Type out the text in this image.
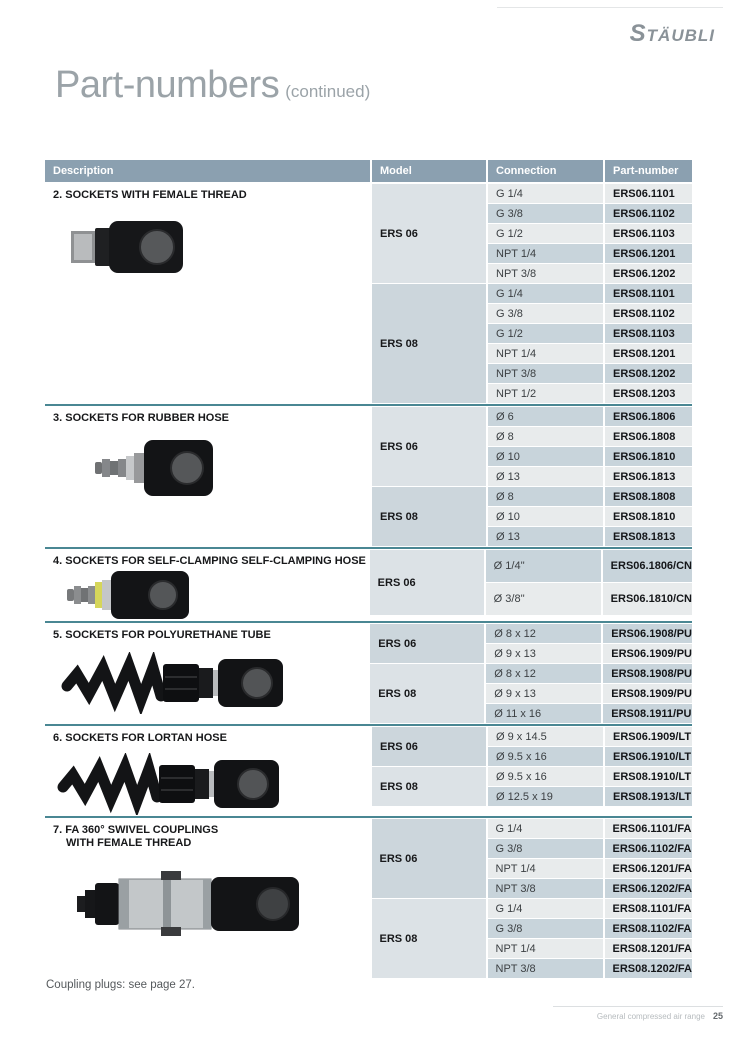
STÄUBLI
Part-numbers (continued)
Description	Model	Connection	Part-number
2. SOCKETS WITH FEMALE THREAD
ERS 06
G 1/4	ERS06.1101
G 3/8	ERS06.1102
G 1/2	ERS06.1103
NPT 1/4	ERS06.1201
NPT 3/8	ERS06.1202
ERS 08
G 1/4	ERS08.1101
G 3/8	ERS08.1102
G 1/2	ERS08.1103
NPT 1/4	ERS08.1201
NPT 3/8	ERS08.1202
NPT 1/2	ERS08.1203
3. SOCKETS FOR RUBBER HOSE
ERS 06
Ø 6	ERS06.1806
Ø 8	ERS06.1808
Ø 10	ERS06.1810
Ø 13	ERS06.1813
ERS 08
Ø 8	ERS08.1808
Ø 10	ERS08.1810
Ø 13	ERS08.1813
4. SOCKETS FOR SELF-CLAMPING SELF-CLAMPING HOSE
ERS 06
Ø 1/4''	ERS06.1806/CN
Ø 3/8''	ERS06.1810/CN
5. SOCKETS FOR POLYURETHANE TUBE
ERS 06
Ø 8 x 12	ERS06.1908/PU
Ø 9 x 13	ERS06.1909/PU
ERS 08
Ø 8 x 12	ERS08.1908/PU
Ø 9 x 13	ERS08.1909/PU
Ø 11 x 16	ERS08.1911/PU
6. SOCKETS FOR LORTAN HOSE
ERS 06
Ø 9 x 14.5	ERS06.1909/LT
Ø 9.5 x 16	ERS06.1910/LT
ERS 08
Ø 9.5 x 16	ERS08.1910/LT
Ø 12.5 x 19	ERS08.1913/LT
7. FA 360° SWIVEL COUPLINGS
WITH FEMALE THREAD
ERS 06
G 1/4	ERS06.1101/FA
G 3/8	ERS06.1102/FA
NPT 1/4	ERS06.1201/FA
NPT 3/8	ERS06.1202/FA
ERS 08
G 1/4	ERS08.1101/FA
G 3/8	ERS08.1102/FA
NPT 1/4	ERS08.1201/FA
NPT 3/8	ERS08.1202/FA
Coupling plugs: see page 27.
General compressed air range 25
